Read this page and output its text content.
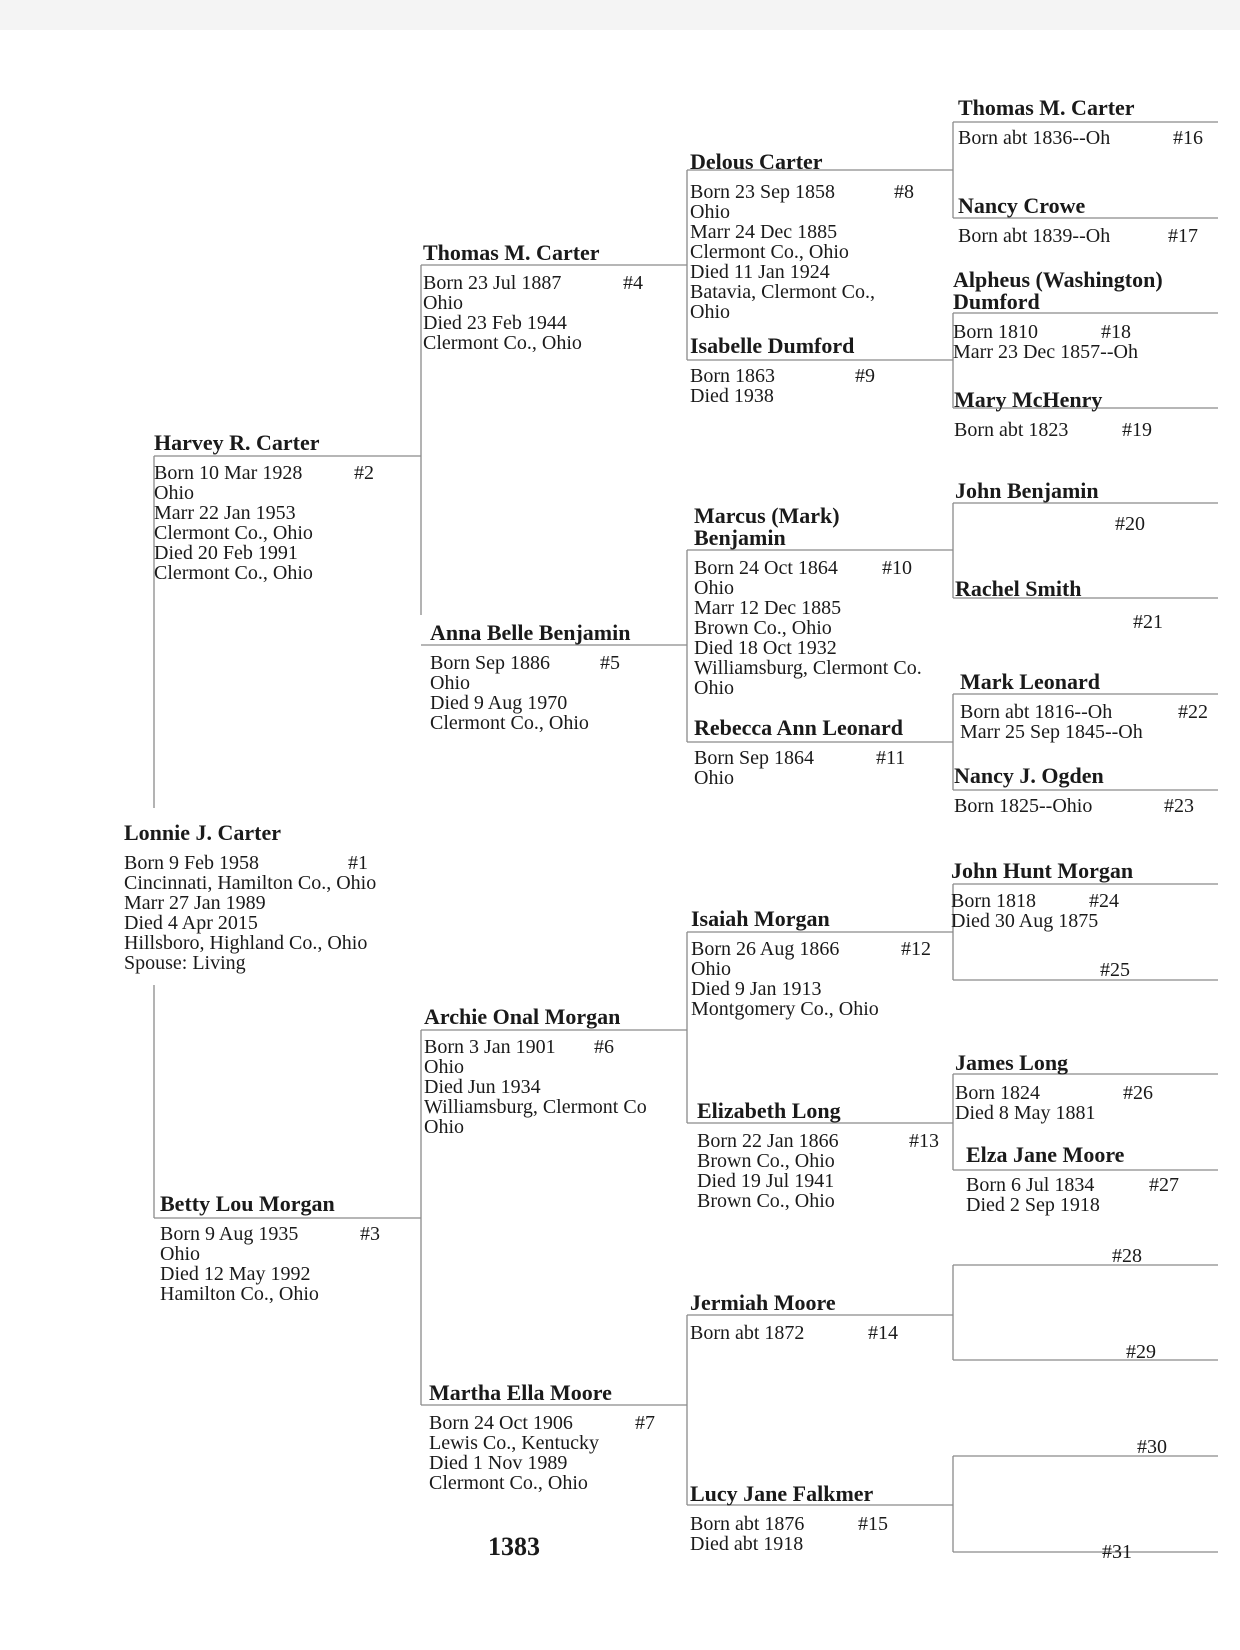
Lonnie J. Carter
Born 9 Feb 1958	#1
Cincinnati, Hamilton Co., Ohio
Marr 27 Jan 1989
Died 4 Apr 2015
Hillsboro, Highland Co., Ohio
Spouse: Living
Harvey R. Carter
Born 10 Mar 1928	#2
Ohio
Marr 22 Jan 1953
Clermont Co., Ohio
Died 20 Feb 1991
Clermont Co., Ohio
Betty Lou Morgan
Born 9 Aug 1935	#3
Ohio
Died 12 May 1992
Hamilton Co., Ohio
Thomas M. Carter
Born 23 Jul 1887	#4
Ohio
Died 23 Feb 1944
Clermont Co., Ohio
Anna Belle Benjamin
Born Sep 1886	#5
Ohio
Died 9 Aug 1970
Clermont Co., Ohio
Archie Onal Morgan
Born 3 Jan 1901 #6
Ohio
Died Jun 1934
Williamsburg, Clermont Co
Ohio
Martha Ella Moore
Born 24 Oct 1906	#7
Lewis Co., Kentucky
Died 1 Nov 1989
Clermont Co., Ohio
Delous Carter
Born 23 Sep 1858	#8
Ohio
Marr 24 Dec 1885
Clermont Co., Ohio
Died 11 Jan 1924
Batavia, Clermont Co.,
Ohio
Isabelle Dumford
Born 1863	#9
Died 1938
Marcus (Mark)
Benjamin
Born 24 Oct 1864 #10
Ohio
Marr 12 Dec 1885
Brown Co., Ohio
Died 18 Oct 1932
Williamsburg, Clermont Co.
Ohio
Rebecca Ann Leonard
Born Sep 1864	#11
Ohio
Isaiah Morgan
Born 26 Aug 1866	#12
Ohio
Died 9 Jan 1913
Montgomery Co., Ohio
Elizabeth Long
Born 22 Jan 1866	#13
Brown Co., Ohio
Died 19 Jul 1941
Brown Co., Ohio
Jermiah Moore
Born abt 1872	#14
Lucy Jane Falkmer
Born abt 1876	#15
Died abt 1918
Thomas M. Carter
Born abt 1836--Oh	#16
Nancy Crowe
Born abt 1839--Oh	#17
Alpheus (Washington)
Dumford
Born 1810	#18
Marr 23 Dec 1857--Oh
Mary McHenry
Born abt 1823	#19
John Benjamin
#20
Rachel Smith
#21
Mark Leonard
Born abt 1816--Oh	#22
Marr 25 Sep 1845--Oh
Nancy J. Ogden
Born 1825--Ohio	#23
John Hunt Morgan
Born 1818	#24
Died 30 Aug 1875
#25
James Long
Born 1824	#26
Died 8 May 1881
Elza Jane Moore
Born 6 Jul 1834	#27
Died 2 Sep 1918
#28
#29
#30
#31
1383
